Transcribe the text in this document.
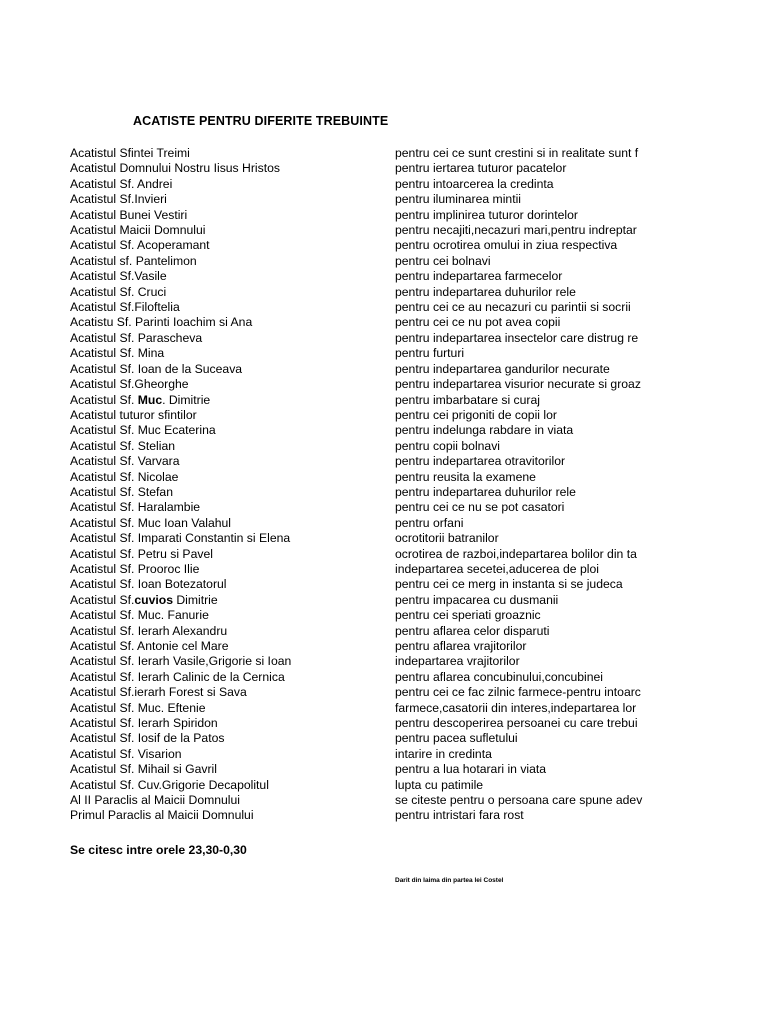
ACATISTE PENTRU DIFERITE TREBUINTE
Acatistul Sfintei Treimi	pentru cei ce sunt crestini si in realitate sunt f
Acatistul Domnului Nostru Iisus Hristos	pentru iertarea tuturor pacatelor
Acatistul Sf. Andrei	pentru intoarcerea la credinta
Acatistul Sf.Invieri	pentru iluminarea mintii
Acatistul Bunei Vestiri	pentru implinirea tuturor dorintelor
Acatistul Maicii Domnului	pentru necajiti,necazuri mari,pentru indreptar
Acatistul Sf. Acoperamant	pentru ocrotirea omului in ziua respectiva
Acatistul sf. Pantelimon	pentru cei bolnavi
Acatistul Sf.Vasile	pentru indepartarea farmecelor
Acatistul Sf. Cruci	pentru indepartarea duhurilor rele
Acatistul Sf.Filoftelia	pentru cei ce au necazuri cu parintii si socrii
Acatistu Sf. Parinti Ioachim si Ana	pentru cei ce nu pot avea copii
Acatistul Sf. Parascheva	pentru indepartarea insectelor care distrug re
Acatistul Sf. Mina	pentru furturi
Acatistul Sf. Ioan de la Suceava	pentru indepartarea gandurilor necurate
Acatistul Sf.Gheorghe	pentru indepartarea visurior necurate si groaz
Acatistul Sf. Muc. Dimitrie	pentru imbarbatare si curaj
Acatistul tuturor sfintilor	pentru cei prigoniti de copii lor
Acatistul Sf. Muc Ecaterina	pentru indelunga rabdare in viata
Acatistul Sf. Stelian	pentru copii bolnavi
Acatistul Sf. Varvara	pentru indepartarea otravitorilor
Acatistul Sf. Nicolae	pentru reusita la examene
Acatistul Sf. Stefan	pentru indepartarea duhurilor rele
Acatistul Sf. Haralambie	pentru cei ce nu se pot casatori
Acatistul Sf. Muc Ioan Valahul	pentru orfani
Acatistul Sf. Imparati Constantin si Elena	ocrotitorii batranilor
Acatistul Sf. Petru si Pavel	ocrotirea de razboi,indepartarea bolilor din ta
Acatistul Sf. Prooroc Ilie	indepartarea secetei,aducerea de ploi
Acatistul Sf. Ioan Botezatorul	pentru cei ce merg in instanta si se judeca
Acatistul Sf.cuvios Dimitrie	pentru impacarea cu dusmanii
Acatistul Sf. Muc. Fanurie	pentru cei speriati groaznic
Acatistul Sf. Ierarh Alexandru	pentru aflarea celor disparuti
Acatistul Sf. Antonie cel Mare	pentru aflarea vrajitorilor
Acatistul Sf. Ierarh Vasile,Grigorie si Ioan	indepartarea vrajitorilor
Acatistul Sf. Ierarh Calinic de la Cernica	pentru aflarea concubinului,concubinei
Acatistul Sf.ierarh Forest si Sava	pentru cei ce fac zilnic farmece-pentru intoarc
Acatistul Sf. Muc. Eftenie	farmece,casatorii din interes,indepartarea lor
Acatistul Sf. Ierarh Spiridon	pentru descoperirea persoanei cu care trebui
Acatistul Sf. Iosif de la Patos	pentru pacea sufletului
Acatistul Sf. Visarion	intarire in credinta
Acatistul Sf. Mihail si Gavril	pentru a lua hotarari in viata
Acatistul Sf. Cuv.Grigorie Decapolitul	lupta cu patimile
Al II Paraclis al Maicii Domnului	se citeste pentru o persoana care spune adev
Primul Paraclis al Maicii Domnului	pentru intristari fara rost
Se citesc intre orele 23,30-0,30
Darit din Iaima din partea lei Costel
